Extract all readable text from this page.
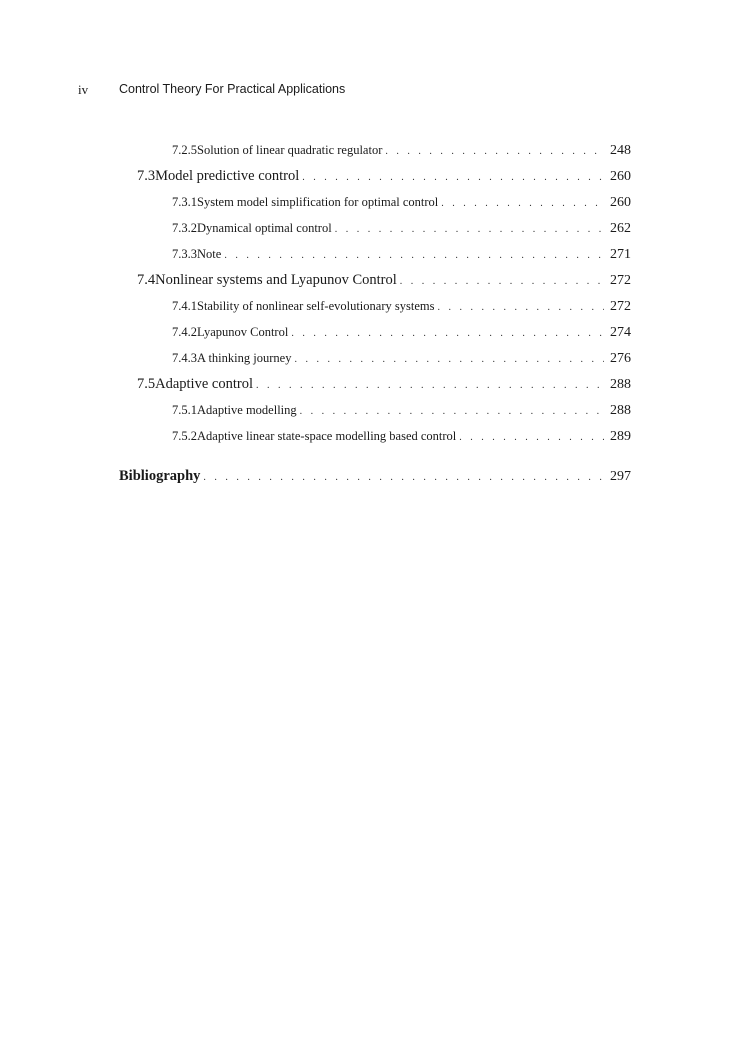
iv Control Theory For Practical Applications
7.2.5 Solution of linear quadratic regulator . . .	248
7.3 Model predictive control . . .	260
7.3.1 System model simplification for optimal control . . .	260
7.3.2 Dynamical optimal control . . .	262
7.3.3 Note . . .	271
7.4 Nonlinear systems and Lyapunov Control . . .	272
7.4.1 Stability of nonlinear self-evolutionary systems . . .	272
7.4.2 Lyapunov Control . . .	274
7.4.3 A thinking journey . . .	276
7.5 Adaptive control . . .	288
7.5.1 Adaptive modelling . . .	288
7.5.2 Adaptive linear state-space modelling based control . . .	289
Bibliography . . .	297
